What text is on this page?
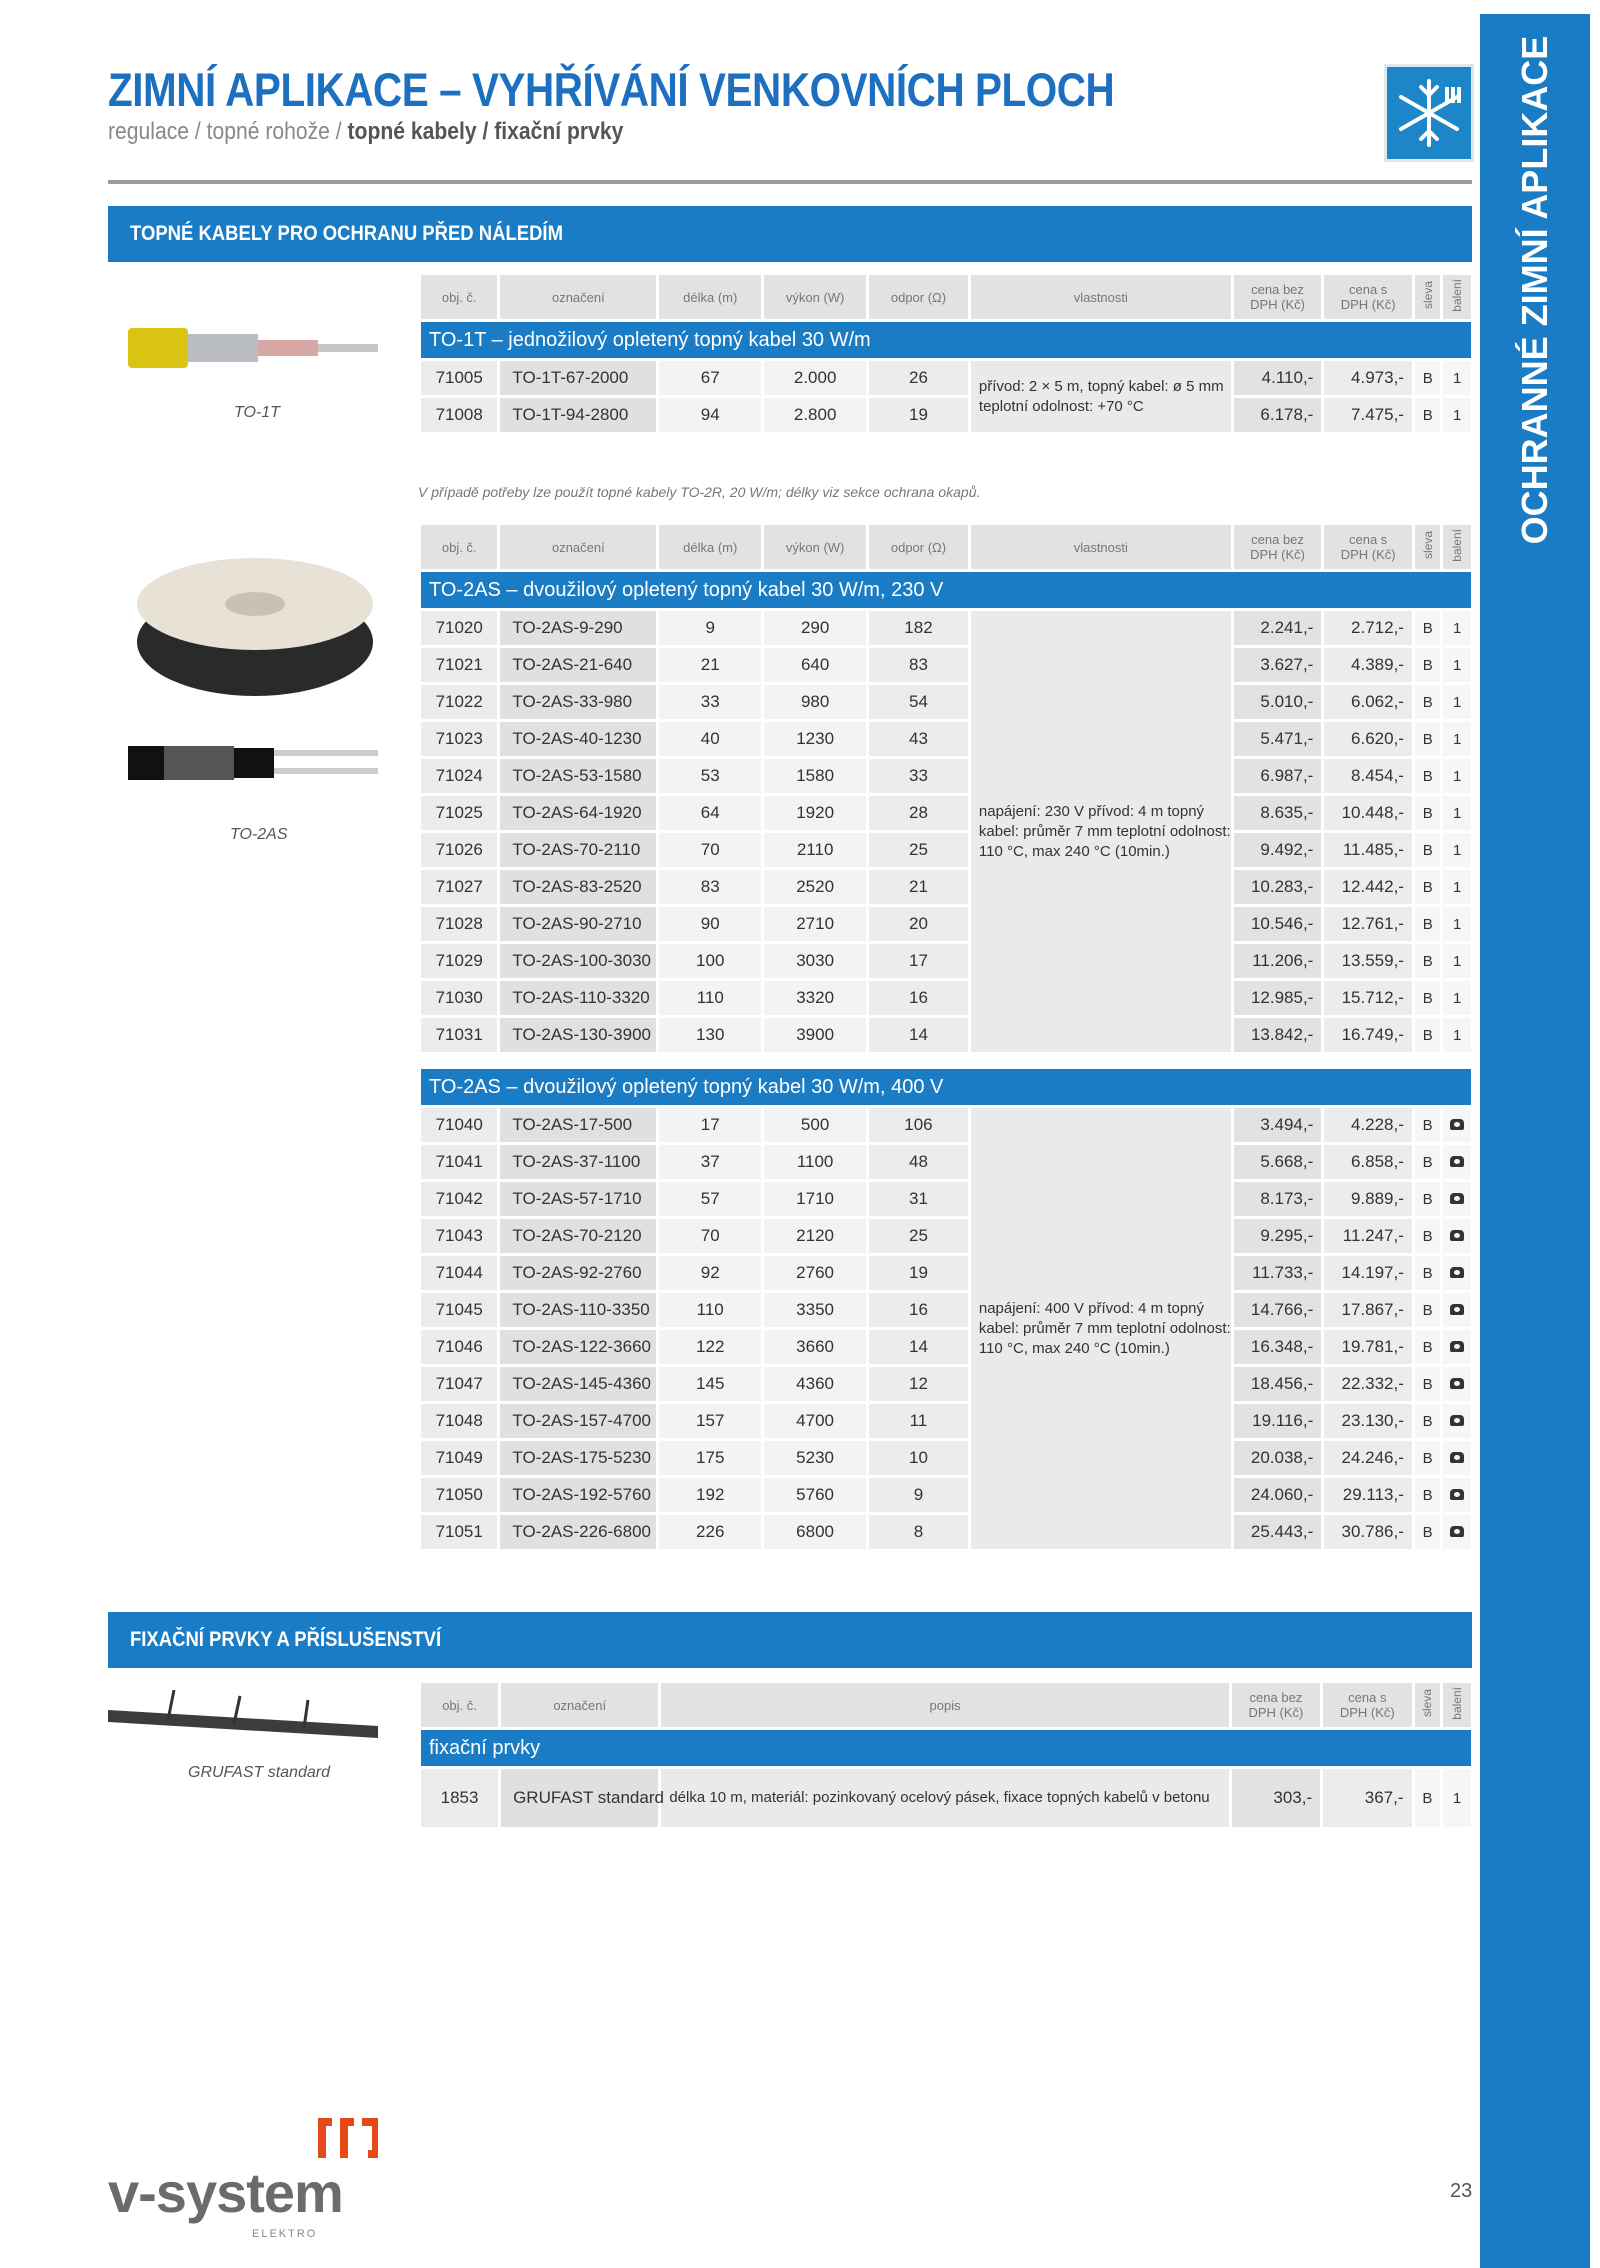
ZIMNÍ APLIKACE – VYHŘÍVÁNÍ VENKOVNÍCH PLOCH
regulace / topné rohože / topné kabely / fixační prvky	OCHRANNÉ ZIMNÍ APLIKACE
TOPNÉ KABELY PRO OCHRANU PŘED NÁLEDÍM
TO-1T
obj. č.	označení	délka (m)	výkon (W)	odpor (Ω)	vlastnosti	cena bez
DPH (Kč)	cena s
DPH (Kč)	sleva	balení
TO-1T – jednožilový opletený topný kabel 30 W/m									
71005	TO-1T-67-2000	67	2.000	26	přívod: 2 × 5 m, topný kabel: ø 5 mm teplotní odolnost: +70 °C	4.110,-	4.973,-	B	1
71008	TO-1T-94-2800	94	2.800	19		6.178,-	7.475,-	B	1
V případě potřeby lze použít topné kabely TO-2R, 20 W/m; délky viz sekce ochrana okapů.
TO-2AS
obj. č.	označení	délka (m)	výkon (W)	odpor (Ω)	vlastnosti	cena bez
DPH (Kč)	cena s
DPH (Kč)	sleva	balení
TO-2AS – dvoužilový opletený topný kabel 30 W/m, 230 V									
71020	TO-2AS-9-290	9	290	182	napájení: 230 V přívod: 4 m topný kabel: průměr 7 mm teplotní odolnost: 110 °C, max 240 °C (10min.)	2.241,-	2.712,-	B	1
71021	TO-2AS-21-640	21	640	83		3.627,-	4.389,-	B	1
71022	TO-2AS-33-980	33	980	54		5.010,-	6.062,-	B	1
71023	TO-2AS-40-1230	40	1230	43		5.471,-	6.620,-	B	1
71024	TO-2AS-53-1580	53	1580	33		6.987,-	8.454,-	B	1
71025	TO-2AS-64-1920	64	1920	28		8.635,-	10.448,-	B	1
71026	TO-2AS-70-2110	70	2110	25		9.492,-	11.485,-	B	1
71027	TO-2AS-83-2520	83	2520	21		10.283,-	12.442,-	B	1
71028	TO-2AS-90-2710	90	2710	20		10.546,-	12.761,-	B	1
71029	TO-2AS-100-3030	100	3030	17		11.206,-	13.559,-	B	1
71030	TO-2AS-110-3320	110	3320	16		12.985,-	15.712,-	B	1
71031	TO-2AS-130-3900	130	3900	14		13.842,-	16.749,-	B	1
TO-2AS – dvoužilový opletený topný kabel 30 W/m, 400 V									
71040	TO-2AS-17-500	17	500	106	napájení: 400 V přívod: 4 m topný kabel: průměr 7 mm teplotní odolnost: 110 °C, max 240 °C (10min.)	3.494,-	4.228,-	B	
71041	TO-2AS-37-1100	37	1100	48		5.668,-	6.858,-	B	
71042	TO-2AS-57-1710	57	1710	31		8.173,-	9.889,-	B	
71043	TO-2AS-70-2120	70	2120	25		9.295,-	11.247,-	B	
71044	TO-2AS-92-2760	92	2760	19		11.733,-	14.197,-	B	
71045	TO-2AS-110-3350	110	3350	16		14.766,-	17.867,-	B	
71046	TO-2AS-122-3660	122	3660	14		16.348,-	19.781,-	B	
71047	TO-2AS-145-4360	145	4360	12		18.456,-	22.332,-	B	
71048	TO-2AS-157-4700	157	4700	11		19.116,-	23.130,-	B	
71049	TO-2AS-175-5230	175	5230	10		20.038,-	24.246,-	B	
71050	TO-2AS-192-5760	192	5760	9		24.060,-	29.113,-	B	
71051	TO-2AS-226-6800	226	6800	8		25.443,-	30.786,-	B	
FIXAČNÍ PRVKY A PŘÍSLUŠENSTVÍ
GRUFAST standard
obj. č.	označení	popis	cena bez
DPH (Kč)	cena s
DPH (Kč)	sleva	balení
fixační prvky						
1853	GRUFAST standard	délka 10 m, materiál: pozinkovaný ocelový pásek, fixace topných kabelů v betonu	303,-	367,-	B	1
v-system
ELEKTRO
23
